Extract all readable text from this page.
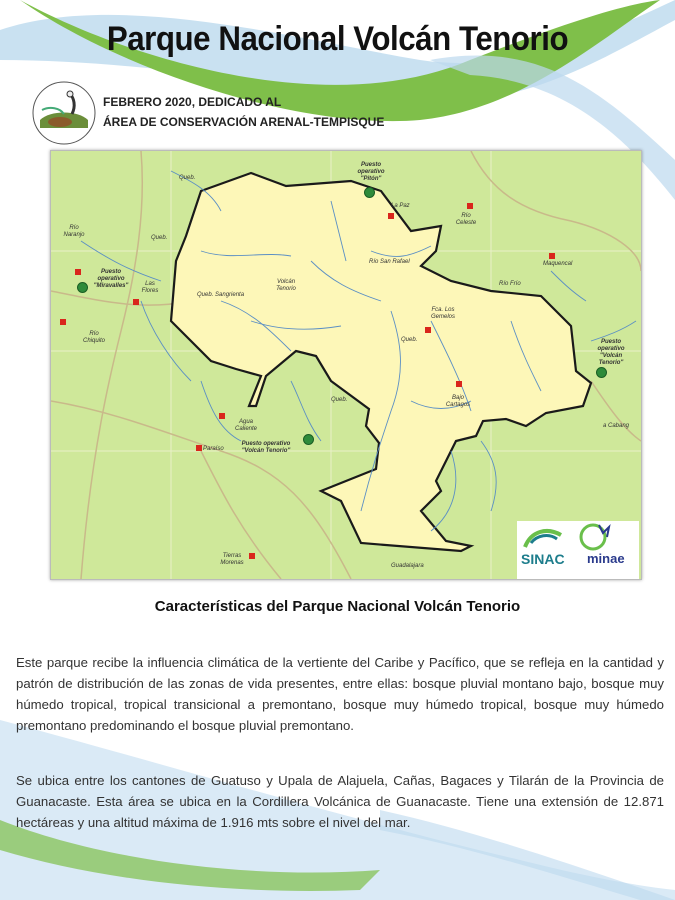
Parque Nacional Volcán Tenorio
FEBRERO 2020, DEDICADO AL
ÁREA DE CONSERVACIÓN ARENAL-TEMPISQUE
Puesto operativo "Pitón"
La Paz
Río Celeste
Maquencal
Río Naranjo
Puesto operativo "Miravalles"	Las Flores
Río Chiquito
Queb. Sangrienta
Volcán Tenorio
Río San Rafael
Río Frío
Fca. Los Gemelos
Puesto operativo "Volcán Tenorio"
Bajo Cartagos
Agua Caliente
Paraíso
Puesto operativo "Volcán Tenorio"
a Cabang
Tierras Morenas	Guadalajara
Queb.
Queb.
Queb.
Queb.
SINAC minae
Características del Parque Nacional Volcán Tenorio
Este parque recibe la influencia climática de la vertiente del Caribe y Pacífico, que se refleja en la cantidad y patrón de distribución de las zonas de vida presentes, entre ellas: bosque pluvial montano bajo, bosque muy húmedo tropical, tropical transicional a premontano, bosque muy húmedo tropical, bosque muy húmedo premontano predominando el bosque pluvial premontano.
Se ubica entre los cantones de Guatuso y Upala de Alajuela, Cañas, Bagaces y Tilarán de la Provincia de Guanacaste. Esta área se ubica en la Cordillera Volcánica de Guanacaste. Tiene una extensión de 12.871 hectáreas y una altitud máxima de 1.916 mts sobre el nivel del mar.
